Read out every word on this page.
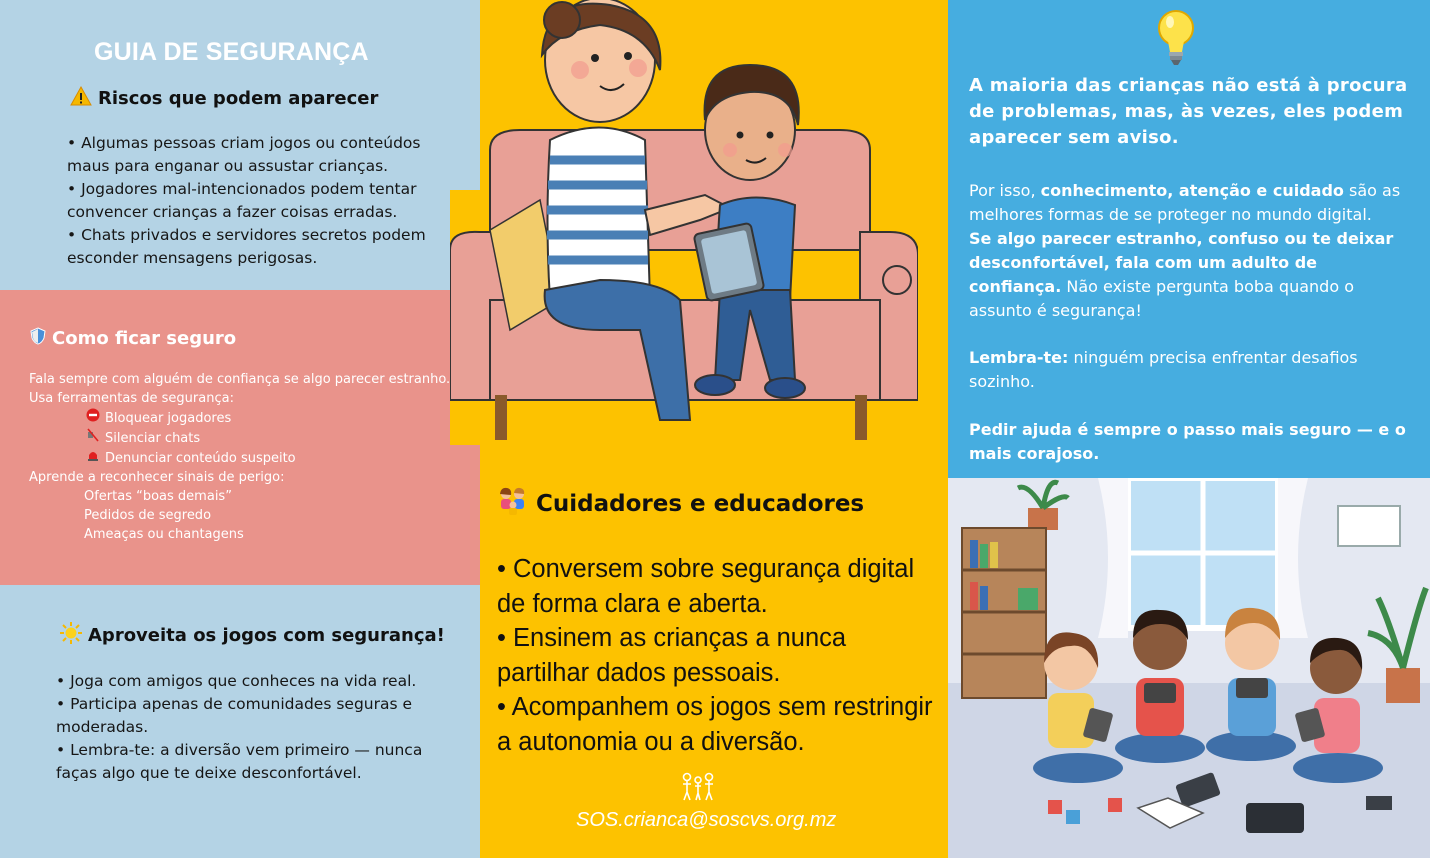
GUIA DE SEGURANÇA
Riscos que podem aparecer
• Algumas pessoas criam jogos ou conteúdos
maus para enganar ou assustar crianças.
• Jogadores mal-intencionados podem tentar
convencer crianças a fazer coisas erradas.
• Chats privados e servidores secretos podem
esconder mensagens perigosas.
Como ficar seguro
Fala sempre com alguém de confiança se algo parecer estranho.
Usa ferramentas de segurança:
Bloquear jogadores
Silenciar chats
Denunciar conteúdo suspeito
Aprende a reconhecer sinais de perigo:
Ofertas “boas demais”
Pedidos de segredo
Ameaças ou chantagens
Aproveita os jogos com segurança!
• Joga com amigos que conheces na vida real.
• Participa apenas de comunidades seguras e
moderadas.
• Lembra-te: a diversão vem primeiro — nunca
faças algo que te deixe desconfortável.
Cuidadores e educadores
• Conversem sobre segurança digital
de forma clara e aberta.
• Ensinem as crianças a nunca
partilhar dados pessoais.
• Acompanhem os jogos sem restringir
a autonomia ou a diversão.
SOS.crianca@soscvs.org.mz
A maioria das crianças não está à procura de problemas, mas, às vezes, eles podem aparecer sem aviso.
Por isso, conhecimento, atenção e cuidado são as melhores formas de se proteger no mundo digital.
Se algo parecer estranho, confuso ou te deixar desconfortável, fala com um adulto de confiança. Não existe pergunta boba quando o assunto é segurança!
Lembra-te: ninguém precisa enfrentar desafios sozinho.
Pedir ajuda é sempre o passo mais seguro — e o mais corajoso.
